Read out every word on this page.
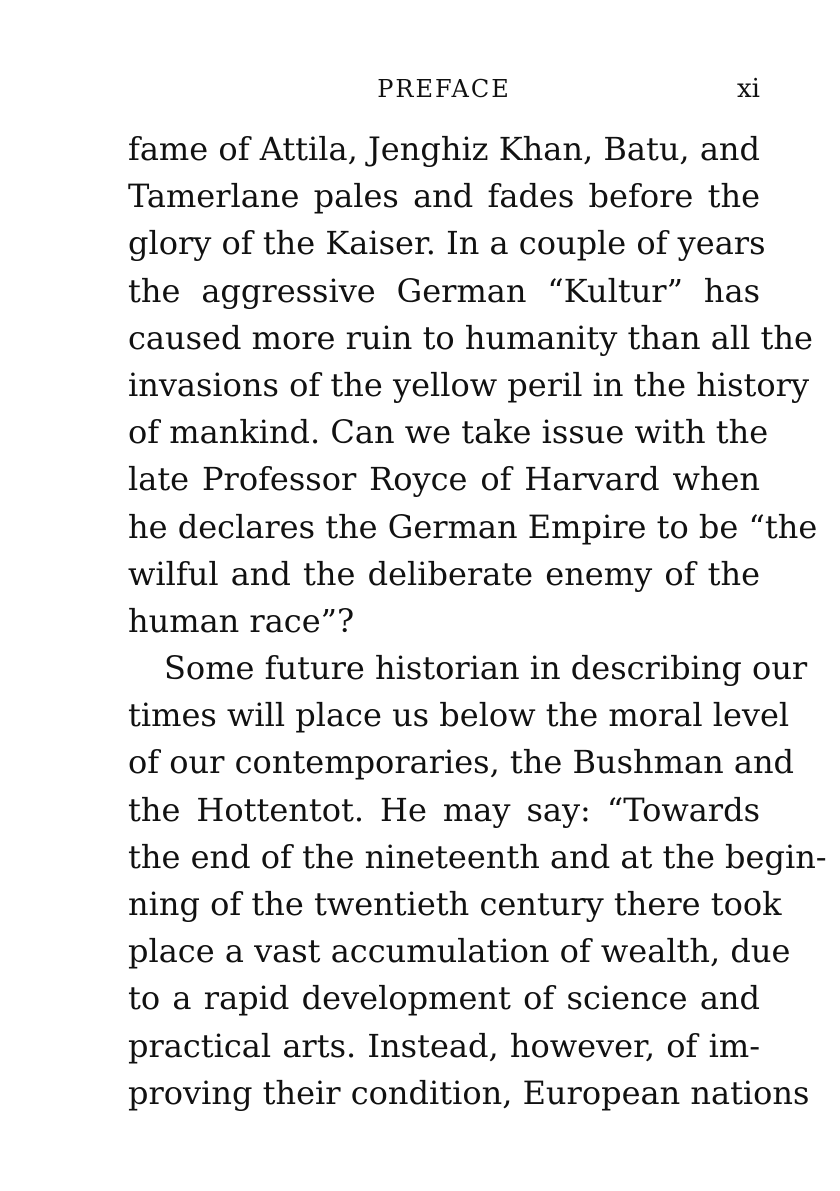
PREFACE	xi
fame of Attila, Jenghiz Khan, Batu, and
Tamerlane pales and fades before the
glory of the Kaiser. In a couple of years
the aggressive German “Kultur” has
caused more ruin to humanity than all the
invasions of the yellow peril in the history
of mankind. Can we take issue with the
late Professor Royce of Harvard when
he declares the German Empire to be “the
wilful and the deliberate enemy of the
human race”?
Some future historian in describing our
times will place us below the moral level
of our contemporaries, the Bushman and
the Hottentot. He may say: “Towards
the end of the nineteenth and at the begin-
ning of the twentieth century there took
place a vast accumulation of wealth, due
to a rapid development of science and
practical arts. Instead, however, of im-
proving their condition, European nations
